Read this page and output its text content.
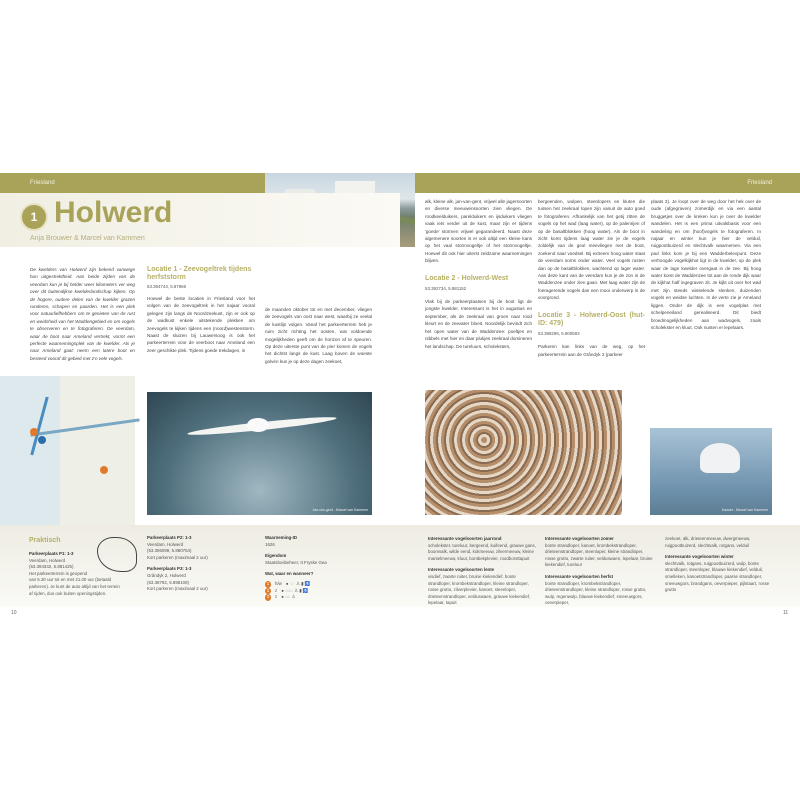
Friesland	Friesland
1 Holwerd
Anja Brouwer & Marcel van Kammen
De kwelders van Holwerd zijn bekend vanwege hun uitgestrektheid. Aan beide zijden van de veerdam kun je bij helder weer kilometers ver weg over dit buitendijkse kwelderlandschap kijken. Op de hogere, oudere delen van de kwelder grazen runderen, schapen en paarden. Het is een plek voor natuurliefhebbers om te genieten van de rust en weidsheid van het Waddengebied en om vogels te observeren en te fotograferen. De veerdam, waar de boot naar Ameland vertrekt, vormt een perfecte waarnemingsplek van de kwelder. Als je naar Ameland gaat: neem een latere boot en besteed vooraf dit gebied met z'n vele vogels.
Locatie 1 - Zeevogeltrek tijdens herfststorm
53.394743, 5.87966
Hoewel de beste locaties in Friesland voor het volgen van de zeevogeltrek in het najaar vooral gelegen zijn langs de Noordzeekust, zijn er ook op de wadkust enkele uitstekende plekken om zeevogels te kijken tijdens een (noord)westenstorm. Naast de sluizen bij Lauwersoog is ook het parkeerterrein voor de veerboot naar Ameland een zeer geschikte plek. Tijdens goede trekdagen, in
de maanden oktober tot en met december, vliegen de zeevogels van oost naar west, waarbij ze veelal de kustlijn volgen. Vanaf het parkeerterrein heb je ruim zicht richting het oosten, wat voldoende mogelijkheden geeft om de horizon af te speuren. Op deze uiterste punt van de pier komen de vogels het dichtst langs de kust. Laag boven de woeste golven kun je op deze dagen zeekoet,
Jan-van-gent - Marcel van Kammen
alk, kleine alk, jan-van-gent, vrijwel alle jagersoorten en diverse meeuwensoorten zien vliegen. De roodkeelduikers, parelduikers en ijsduikers vliegen vaak iets verder uit de kust, maar zijn er tijdens 'goede' stormen vrijwel gegarandeerd. Naast deze algemenere soorten is er ook altijd een kleine kans op het vaal stormvogeltje of het stormvogeltje. Hoewel dit ook hier uiterst zeldzame waarnemingen blijven.
Locatie 2 - Holwerd-West
53.392734, 5.881152
Vlak bij de parkeerplaatsen bij de boot ligt de jongste kwelder. Interessant is het in augustus en september, als de zeekraal van groen naar rood kleurt en de zeeaster bloeit. Noordelijk bevindt zich het open water van de Waddenzee: poeltjes en nibbels met hier en daar plukjes zeekraal domineren het landschap. De tureluurs, scholeksters,
bergeenden, wulpen, steenlopers en kluten die tussen het zeekraal lopen zijn vanuit de auto goed te fotograferen. Afhankelijk van het getij zitten de vogels op het wad (laag water), op de palenrijen of op de basaltblokken (hoog water). Als de boot in zicht komt tijdens laag water zie je de vogels zoldelijk van de geul meevliegen met de boot, zoekend naar voedsel. Bij extreem hoog water staat de veerdam soms onder water. Veel vogels rusten dan op de basaltblokken, wachtend op lager water. Aan deze kant van de veerdam kun je de zon in de Waddenzee onder zien gaan. Met laag water zijn de foeragerende vogels dan een mooi onderwerp in de voorgrond.
Locatie 3 - Holwerd-Oost (hut-ID: 479)
53.388296, 5.900583
Parkeren kan links van de weg, op het parkeerterrein aan de Grândyk 2 (parkeer
plaats 3). Je loopt over de weg door het hek over de oude (afgegraven) zomerdijk en via een aantal bruggetjes over de kreken kun je over de kwelder wandelen. Het is een prima uitvalsbasis voor een wandeling en om (hoof)vogels te fotograferen. In najaar en winter kun je hier de velduil, ruigpootbuizerd en slechtvalk waarnemen. Via een pad links kom je bij een Wadderbelevpunt. Deze verhoogde vogelkijkhut ligt in de kwelder, op de plek waar de lage kwelder overgaat in de zee. Bij hoog water komt de Waddenzee tot aan de ronde dijk waar de kijkhut half ingegraven zit. Je kijkt uit over het wad met zijn steeds wisselende slenken, duizenden vogels en weidse luchten. In de verte zie je Ameland liggen. Onder de dijk is een vogelplas met schelpeneiland gerealiseerd. Dit biedt broedmogelijkheden aan wadvogels, zoals scholekster en kluut. Ook nusten er lepelaars.
Kanoet - Marcel van Kammen
Praktisch
Parkeerplaats P1: 1-3
Veerdam, Holwerd
(53.394342, 5.881425)
Het parkeerterrein is geopend
van 5.30 uur tot en met 21.00 uur (betaald
parkeren). Je kunt de auto altijd van het terrein
af rijden, dus ook buiten openingstijden.
Parkeerplaats P2: 1-3
Veerdam, Holwerd
(53.396099, 5.880754)
Kort parkeren (maximaal 2 uur)
Parkeerplaats P3: 1-3
Grândyk 2, Holwerd
(53.38792, 5.898108)
Kort parkeren (maximaal 2 uur)
Waarneming-ID
1626
Eigendom
Staatsbosbeheer, It Fryske Gea
Wat, waar en wanneer?
1	h/w ●  ◌  ♙ ▮ ♿
2	z ● ◌◌◌ ♙ ▮ ♿
3	z ● ◌◌ ♙
Interessante vogelsoorten jaarrond
scholekster, tureluur, bergeend, kuifeend, grauwe gans, boomvalk, wilde eend, kokmeeuw, zilvermeeuw, kleine mantelmeeuw, kluut, bontbekplevier, roodborsttapuit
Interessante vogelsoorten lente
visdief, zwarte ruiter, bruine kiekendief, bonte strandloper, krombekstrandloper, kleine strandloper, rosse grutto, zilverplevier, kanoet, steenloper, drieteenstrandloper, velduswaen, grauwe kiekendief, lepelaar, tapuit
Interessante vogelsoorten zomer
bonte strandloper, kanoet, krombekstrandloper, drieteenstrandloper, steenloper, kleine strandloper, rosse grutto, zwarte ruiter, velduswaen, lepelaar, bruine kiekendief, tureluur
Interessante vogelsoorten herfst
bonte strandloper, krombekstrandloper, drieteenstrandloper, kleine strandloper, rosse grutto, wulp, regenwulp, blauwe kiekendief, smeeuwgors, oeverpieper,
zeekoet, alk, drieteenmeeuw, dwergmeeuw, ruigpootbuizerd, slechtvalk, rotgans, velduil
Interessante vogelsoorten winter
slechtvalk, rotgans, ruigpootbuizerd, wulp, bonte strandloper, steenloper, blauwe kiekendief, velduil, smelleken, kanoetstrandloper, paarse strandloper, sneeuwgors, brandgans, oeverpieper, pijlstaart, rosse grutto
10	11
